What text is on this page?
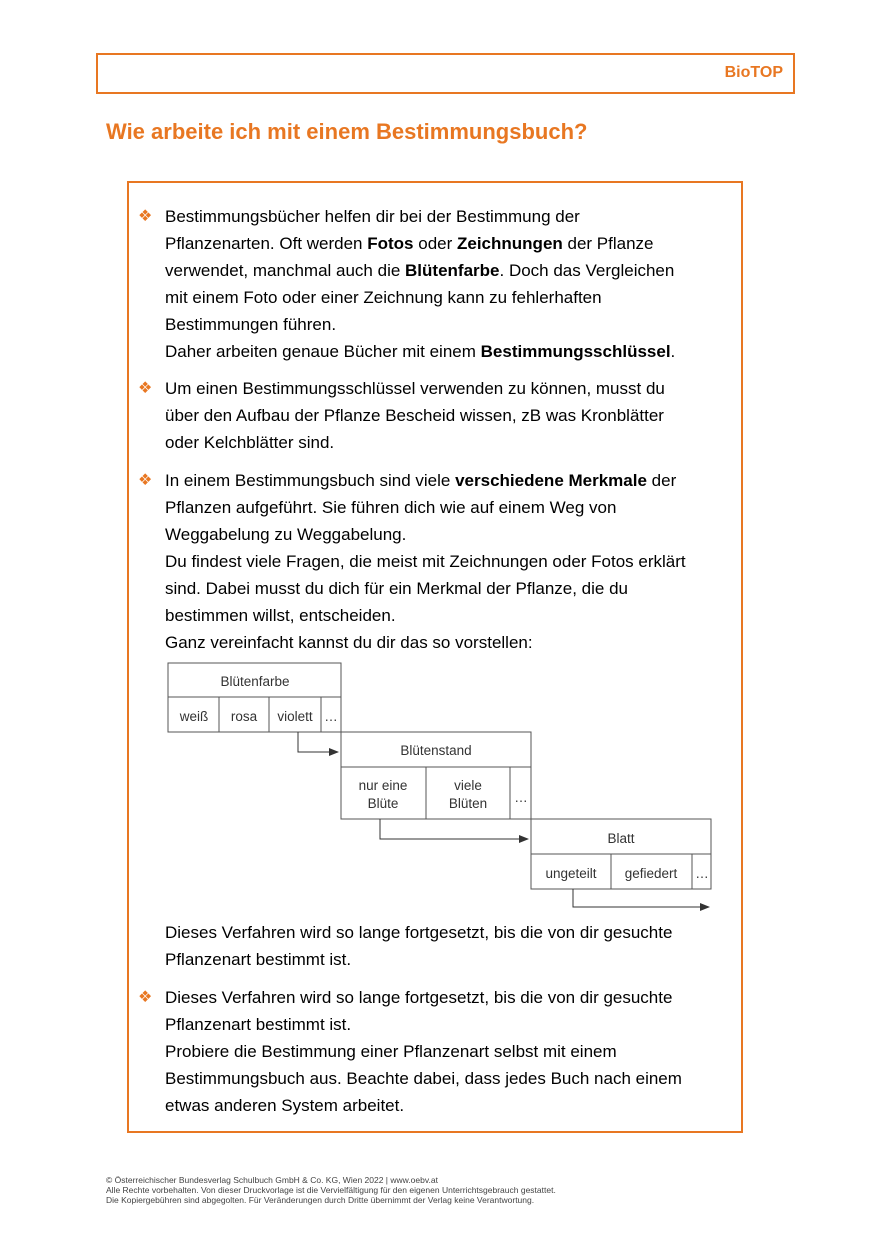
BioTOP
Wie arbeite ich mit einem Bestimmungsbuch?
❖ Bestimmungsbücher helfen dir bei der Bestimmung der
Pflanzenarten. Oft werden Fotos oder Zeichnungen der Pflanze
verwendet, manchmal auch die Blütenfarbe. Doch das Vergleichen
mit einem Foto oder einer Zeichnung kann zu fehlerhaften
Bestimmungen führen.
Daher arbeiten genaue Bücher mit einem Bestimmungsschlüssel.
❖ Um einen Bestimmungsschlüssel verwenden zu können, musst du
über den Aufbau der Pflanze Bescheid wissen, zB was Kronblätter
oder Kelchblätter sind.
❖ In einem Bestimmungsbuch sind viele verschiedene Merkmale der
Pflanzen aufgeführt. Sie führen dich wie auf einem Weg von
Weggabelung zu Weggabelung.
Du findest viele Fragen, die meist mit Zeichnungen oder Fotos erklärt
sind. Dabei musst du dich für ein Merkmal der Pflanze, die du
bestimmen willst, entscheiden.
Ganz vereinfacht kannst du dir das so vorstellen:
Blütenfarbe
weiß rosa violett …
Blütenstand
nur eine
Blüte
viele
Blüten …
Blatt
ungeteilt gefiedert …
Dieses Verfahren wird so lange fortgesetzt, bis die von dir gesuchte
Pflanzenart bestimmt ist.
❖ Dieses Verfahren wird so lange fortgesetzt, bis die von dir gesuchte
Pflanzenart bestimmt ist.
Probiere die Bestimmung einer Pflanzenart selbst mit einem
Bestimmungsbuch aus. Beachte dabei, dass jedes Buch nach einem
etwas anderen System arbeitet.
© Österreichischer Bundesverlag Schulbuch GmbH & Co. KG, Wien 2022 | www.oebv.at
Alle Rechte vorbehalten. Von dieser Druckvorlage ist die Vervielfältigung für den eigenen Unterrichtsgebrauch gestattet.
Die Kopiergebühren sind abgegolten. Für Veränderungen durch Dritte übernimmt der Verlag keine Verantwortung.
